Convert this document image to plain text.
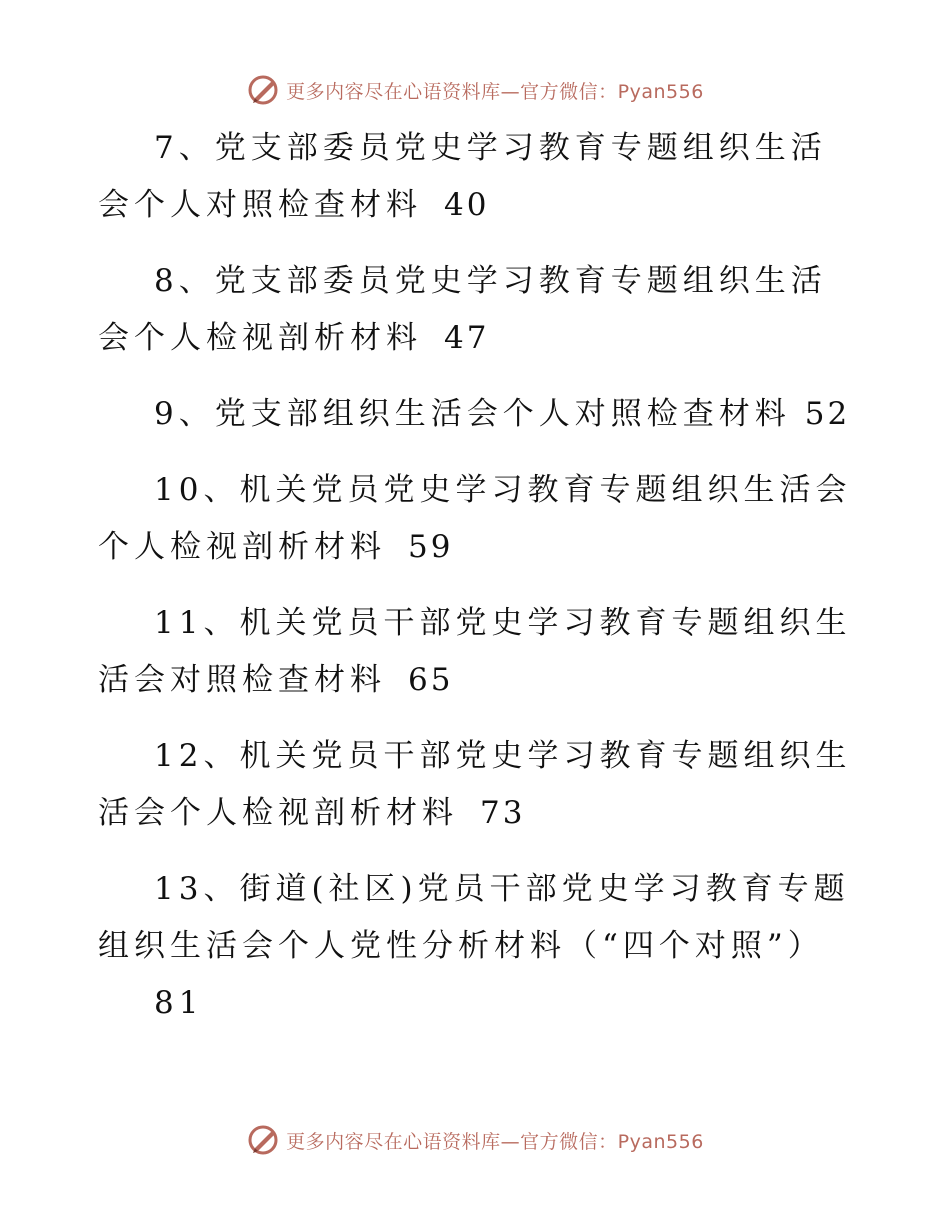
更多内容尽在心语资料库—官方微信：Pyan556

7、党支部委员党史学习教育专题组织生活会个人对照检查材料 40

8、党支部委员党史学习教育专题组织生活会个人检视剖析材料 47

9、党支部组织生活会个人对照检查材料 52

10、机关党员党史学习教育专题组织生活会个人检视剖析材料 59

11、机关党员干部党史学习教育专题组织生活会对照检查材料 65

12、机关党员干部党史学习教育专题组织生活会个人检视剖析材料 73

13、街道(社区)党员干部党史学习教育专题组织生活会个人党性分析材料（“四个对照”）
81

更多内容尽在心语资料库—官方微信：Pyan556
